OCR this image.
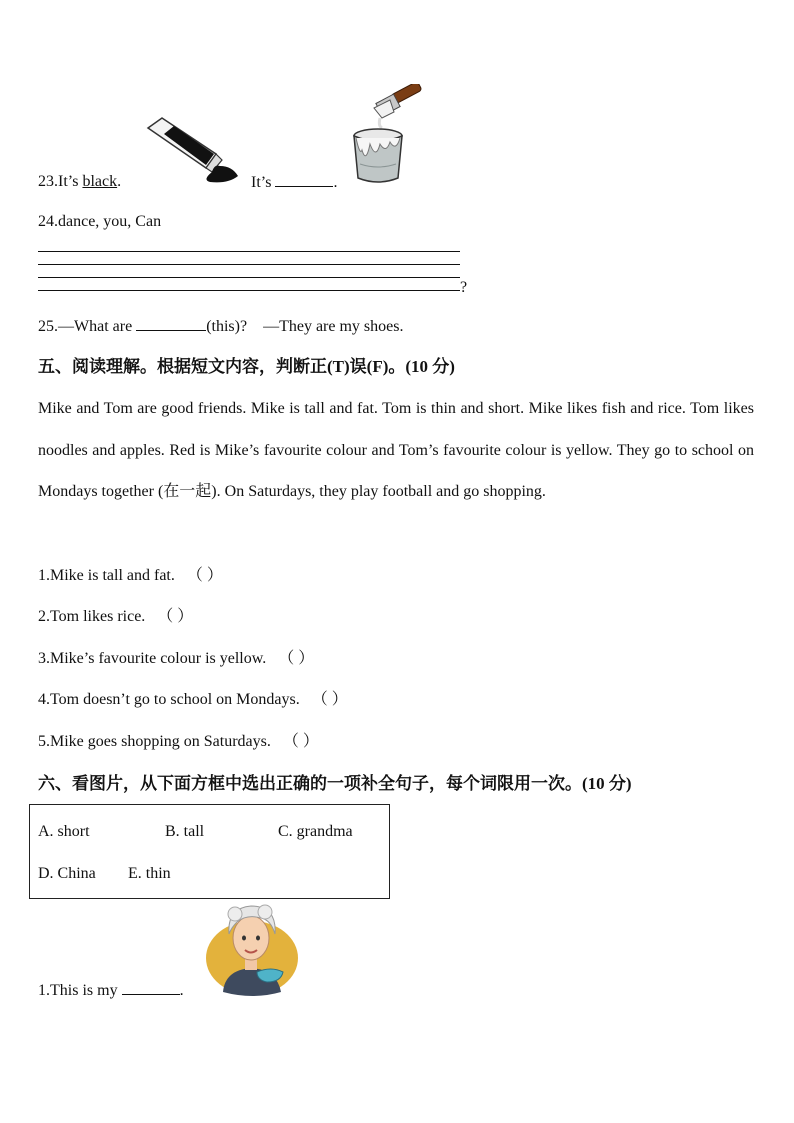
23.It’s black.	It’s	.
24.dance, you, Can
?
25.—What are	(this)? —They are my shoes.
五、阅读理解。根据短文内容，判断正(T)误(F)。(10 分)
Mike and Tom are good friends. Mike is tall and fat. Tom is thin and short. Mike likes fish and rice. Tom likes noodles and apples. Red is Mike’s favourite colour and Tom’s favourite colour is yellow. They go to school on Mondays together (在一起). On Saturdays, they play football and go shopping.
1.Mike is tall and fat. （ ）
2.Tom likes rice. （ ）
3.Mike’s favourite colour is yellow. （ ）
4.Tom doesn’t go to school on Mondays. （ ）
5.Mike goes shopping on Saturdays. （ ）
六、看图片，从下面方框中选出正确的一项补全句子，每个词限用一次。(10 分)
A. short	B. tall	C. grandma
D. China E. thin
1.This is my	.
